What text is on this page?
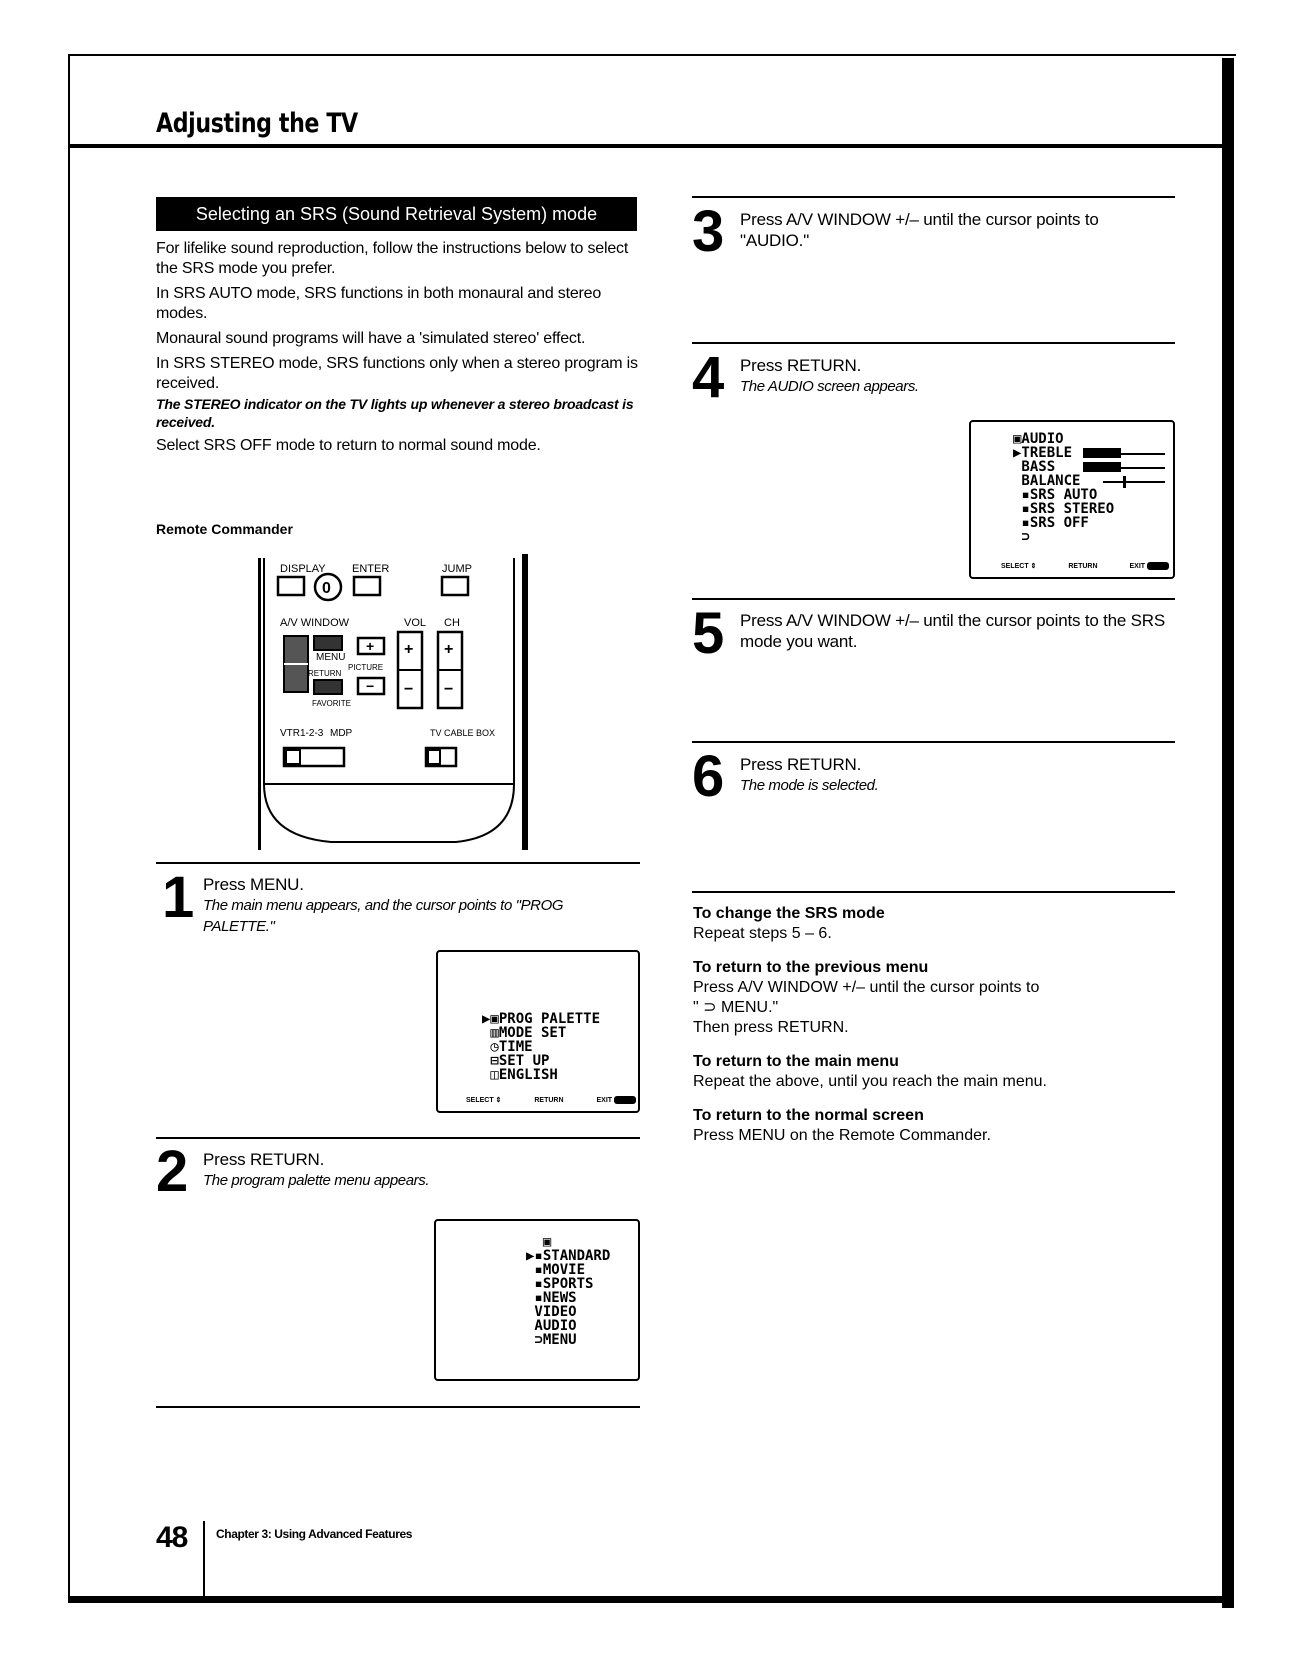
Adjusting the TV
Selecting an SRS (Sound Retrieval System) mode

For lifelike sound reproduction, follow the instructions below to select the SRS mode you prefer.

In SRS AUTO mode, SRS functions in both monaural and stereo modes.

Monaural sound programs will have a 'simulated stereo' effect.

In SRS STEREO mode, SRS functions only when a stereo program is received.

The STEREO indicator on the TV lights up whenever a stereo broadcast is received.

Select SRS OFF mode to return to normal sound mode.

Remote Commander
DISPLAY
0
ENTER	JUMP
A/V WINDOW
MENU
RETURN
FAVORITE
+
PICTURE
−
VOL
+
−
CH
+
−
VTR1-2-3 MDP	TV CABLE BOX
1 Press MENU.
The main menu appears, and the cursor points to "PROG PALETTE."
▶▣PROG PALETTE
▥MODE SET
◷TIME
⊟SET UP
◫ENGLISH
SELECT ⇕	RETURN	EXIT
2 Press RETURN.
The program palette menu appears.
▣
▶▪STANDARD
▪MOVIE
▪SPORTS
▪NEWS
VIDEO
AUDIO
⊃MENU
3 Press A/V WINDOW +/– until the cursor points to "AUDIO."
4 Press RETURN.
The AUDIO screen appears.
▣AUDIO
▶TREBLE
BASS
BALANCE
▪SRS AUTO
▪SRS STEREO
▪SRS OFF
⊃
SELECT ⇕	RETURN	EXIT
5 Press A/V WINDOW +/– until the cursor points to the SRS mode you want.
6 Press RETURN.
The mode is selected.
To change the SRS mode
Repeat steps 5 – 6.
To return to the previous menu
Press A/V WINDOW +/– until the cursor points to
" ⊃ MENU."
Then press RETURN.
To return to the main menu
Repeat the above, until you reach the main menu.
To return to the normal screen
Press MENU on the Remote Commander.
48 Chapter 3: Using Advanced Features
